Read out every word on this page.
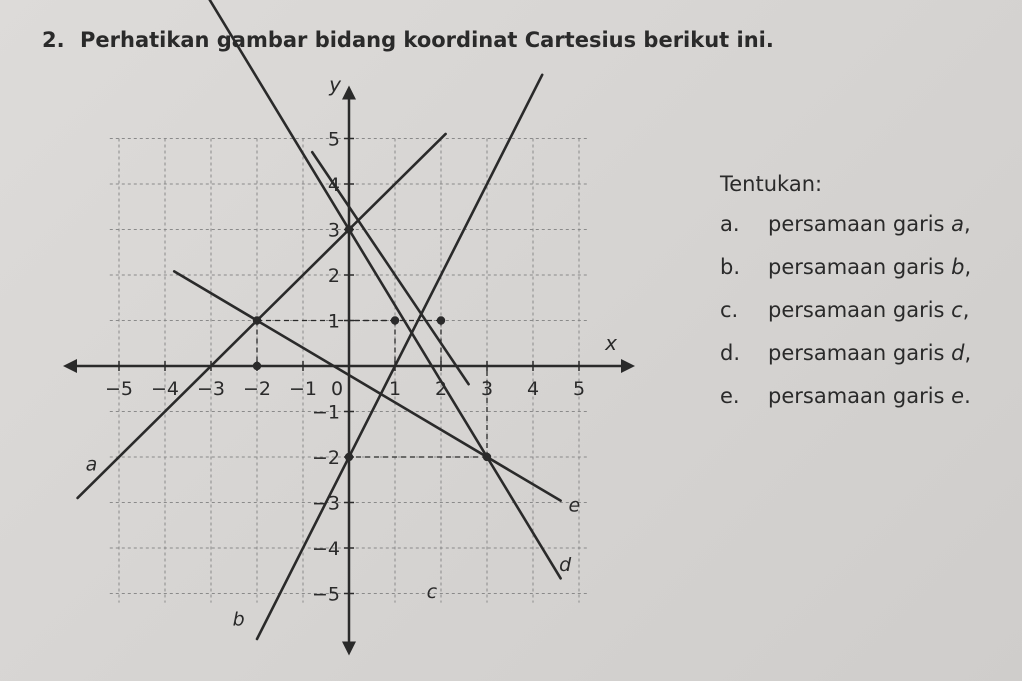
2. Perhatikan gambar bidang koordinat Cartesius berikut ini.
−5 −4 −3 −2 −1 0 1 2 3 4 5
5
4
3
2
1
−1
−2
−3
−4
−5
x
y
a
b
c
d
e
Tentukan:
a. persamaan garis a,
b. persamaan garis b,
c. persamaan garis c,
d. persamaan garis d,
e. persamaan garis e.
